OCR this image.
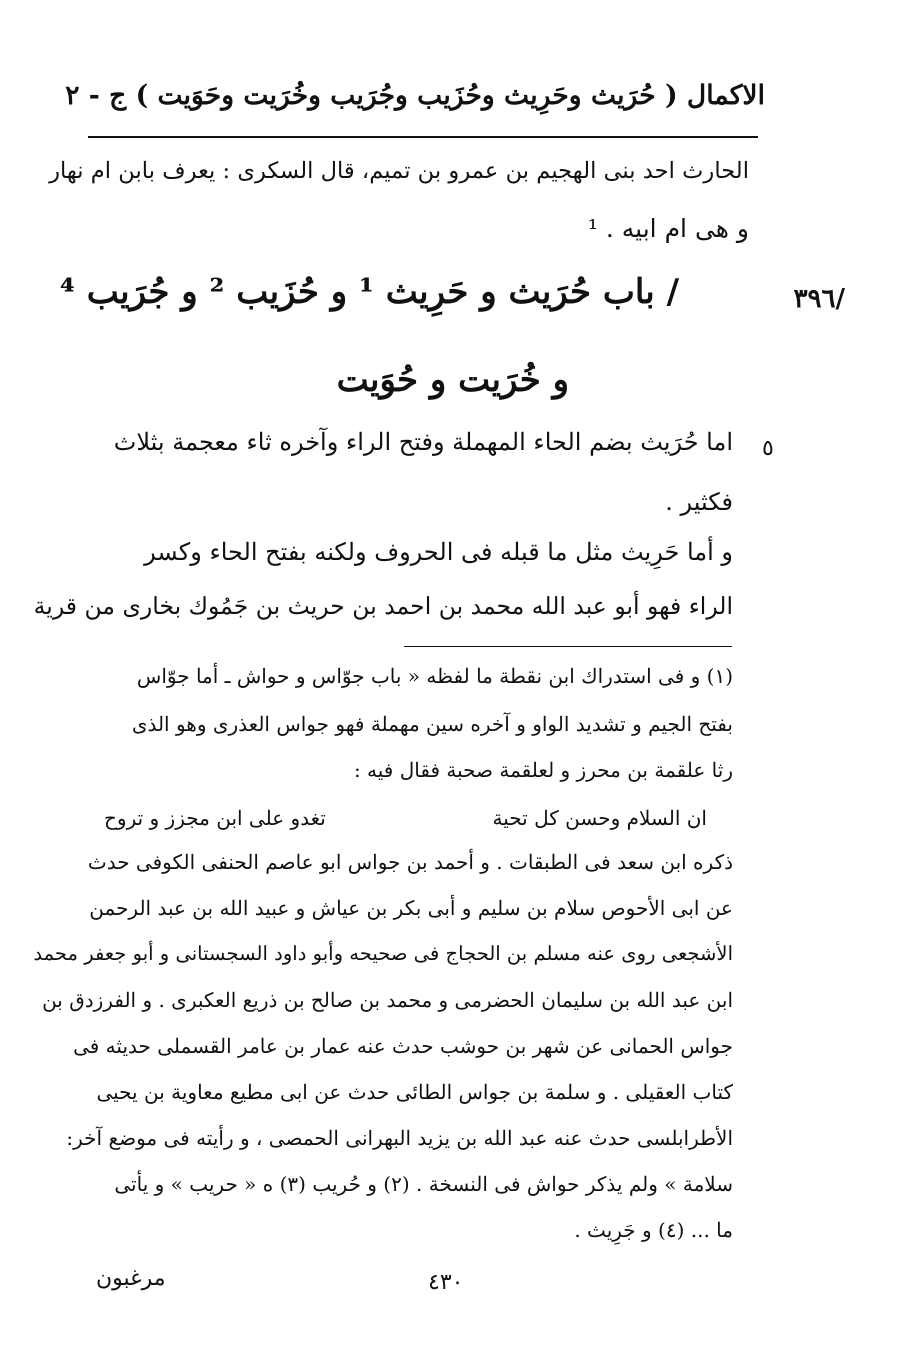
الاكمال ( حُرَيث وحَرِيث وحُزَيب وجُرَيب وخُرَيت وحَوَيت ) ج - ٢
الحارث احد بنى الهجيم بن عمرو بن تميم، قال السكرى : يعرف بابن ام نهار
و هى ام ابيه . ¹
/٣٩٦
/ باب حُرَيث و حَرِيث ¹ و حُزَيب ² و جُرَيب ⁴
و خُرَيت و حُوَيت
٥
اما حُرَيث بضم الحاء المهملة وفتح الراء وآخره ثاء معجمة بثلاث
فكثير .
و أما حَرِيث مثل ما قبله فى الحروف ولكنه بفتح الحاء وكسر
الراء فهو أبو عبد الله محمد بن احمد بن حريث بن جَمُوك بخارى من قرية
(١) و فى استدراك ابن نقطة ما لفظه « باب جوّاس و حواش ـ أما جوّاس
بفتح الجيم و تشديد الواو و آخره سين مهملة فهو جواس العذرى وهو الذى
رثا علقمة بن محرز و لعلقمة صحبة فقال فيه :
ان السلام وحسن كل تحية
تغدو على ابن مجزز و تروح
ذكره ابن سعد فى الطبقات . و أحمد بن جواس ابو عاصم الحنفى الكوفى حدث
عن ابى الأحوص سلام بن سليم و أبى بكر بن عياش و عبيد الله بن عبد الرحمن
الأشجعى روى عنه مسلم بن الحجاج فى صحيحه وأبو داود السجستانى و أبو جعفر محمد
ابن عبد الله بن سليمان الحضرمى و محمد بن صالح بن ذريع العكبرى . و الفرزدق بن
جواس الحمانى عن شهر بن حوشب حدث عنه عمار بن عامر القسملى حديثه فى
كتاب العقيلى . و سلمة بن جواس الطائى حدث عن ابى مطيع معاوية بن يحيى
الأطرابلسى حدث عنه عبد الله بن يزيد البهرانى الحمصى ، و رأيته فى موضع آخر:
سلامة » ولم يذكر حواش فى النسخة . (٢) و حُريب (٣) ه « حريب » و يأتى
ما ... (٤) و جَرِيث .
٤٣٠
مرغبون
